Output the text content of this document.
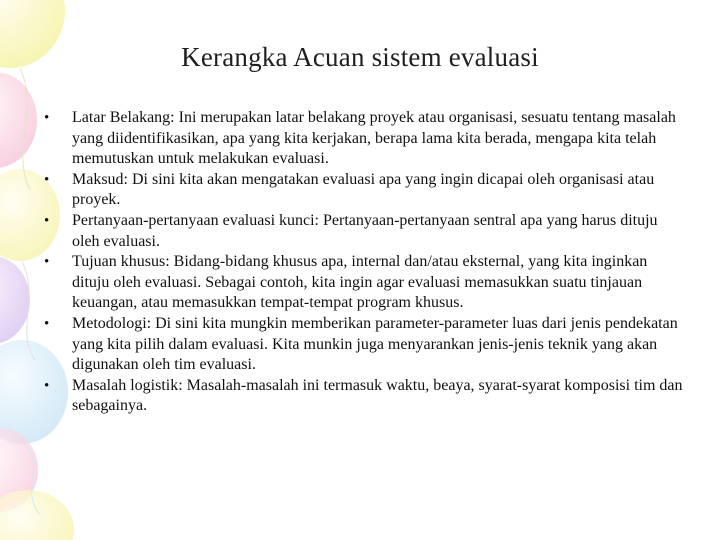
Kerangka Acuan sistem evaluasi
• Latar Belakang: Ini merupakan latar belakang proyek atau organisasi, sesuatu tentang masalah yang diidentifikasikan, apa yang kita kerjakan, berapa lama kita berada, mengapa kita telah memutuskan untuk melakukan evaluasi.
• Maksud: Di sini kita akan mengatakan evaluasi apa yang ingin dicapai oleh organisasi atau proyek.
• Pertanyaan-pertanyaan evaluasi kunci: Pertanyaan-pertanyaan sentral apa yang harus dituju oleh evaluasi.
• Tujuan khusus: Bidang-bidang khusus apa, internal dan/atau eksternal, yang kita inginkan dituju oleh evaluasi. Sebagai contoh, kita ingin agar evaluasi memasukkan suatu tinjauan keuangan, atau memasukkan tempat-tempat program khusus.
• Metodologi: Di sini kita mungkin memberikan parameter-parameter luas dari jenis pendekatan yang kita pilih dalam evaluasi. Kita munkin juga menyarankan jenis-jenis teknik yang akan digunakan oleh tim evaluasi.
• Masalah logistik: Masalah-masalah ini termasuk waktu, beaya, syarat-syarat komposisi tim dan sebagainya.
